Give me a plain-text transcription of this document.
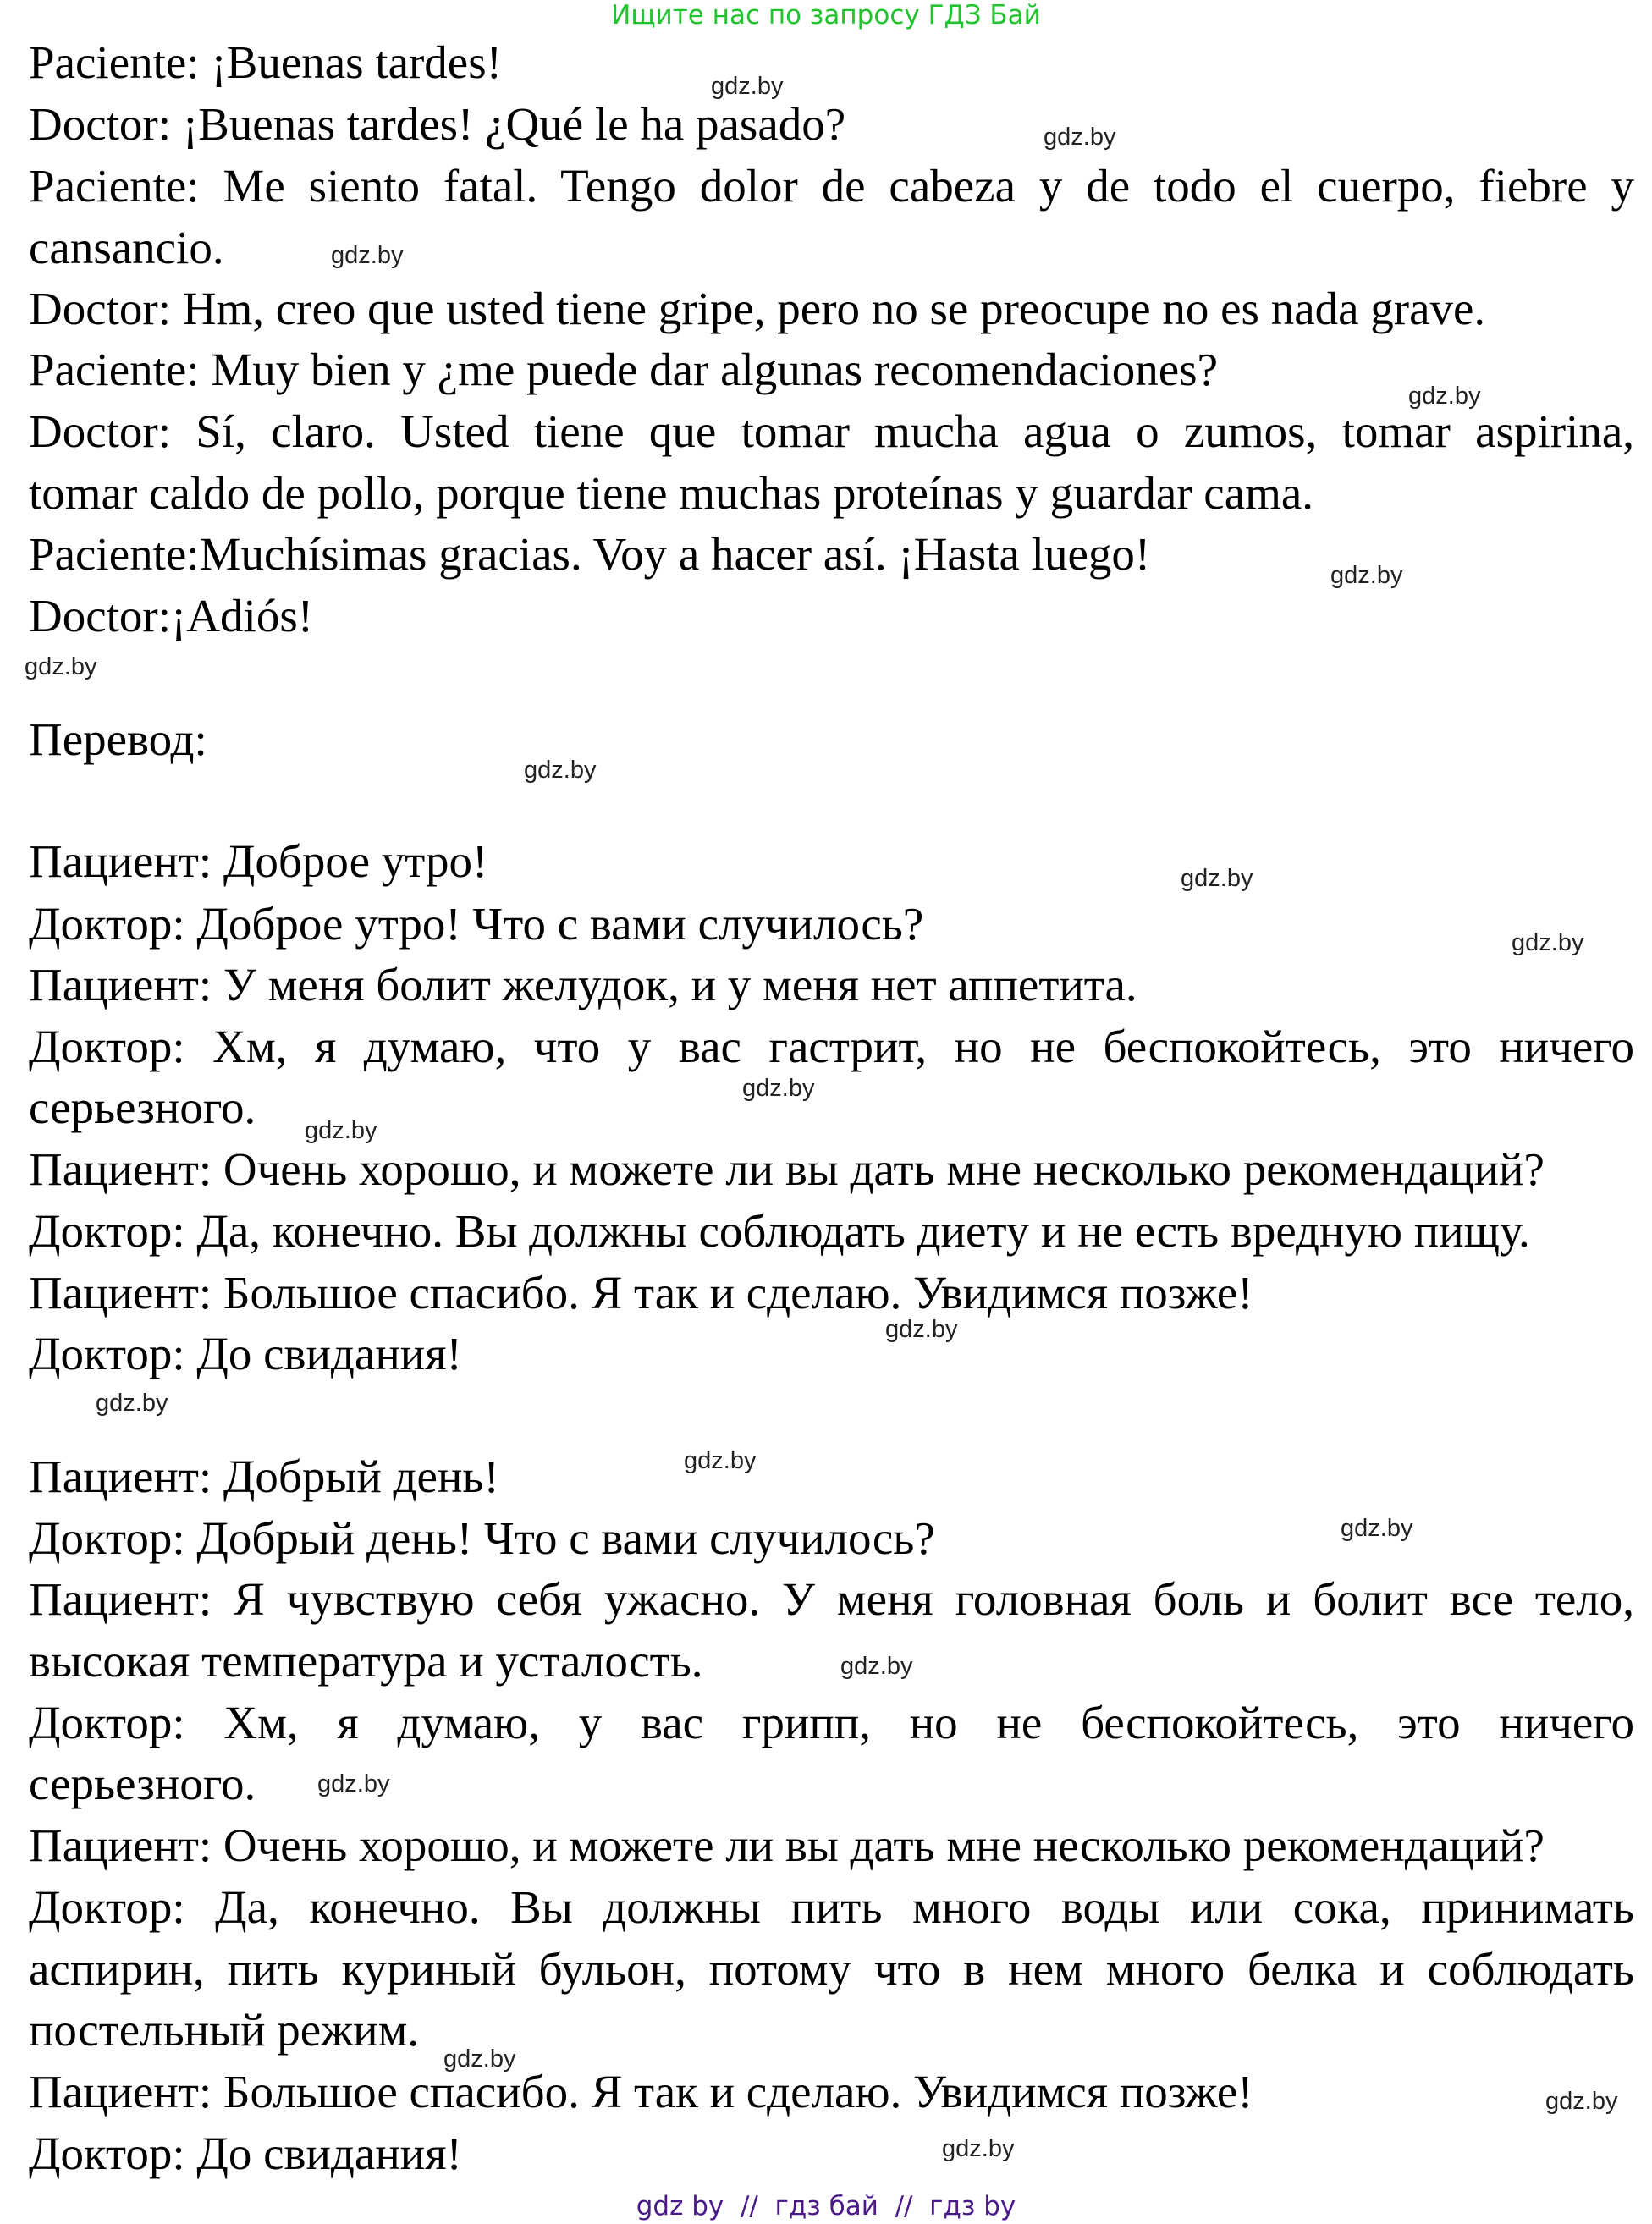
Ищите нас по запросу ГДЗ Бай
Paciente: ¡Buenas tardes!
Doctor: ¡Buenas tardes! ¿Qué le ha pasado?
Paciente: Me siento fatal. Tengo dolor de cabeza y de todo el cuerpo, fiebre y
cansancio.
Doctor: Hm, creo que usted tiene gripe, pero no se preocupe no es nada grave.
Paciente: Muy bien y ¿me puede dar algunas recomendaciones?
Doctor: Sí, claro. Usted tiene que tomar mucha agua o zumos, tomar aspirina,
tomar caldo de pollo, porque tiene muchas proteínas y guardar cama.
Paciente:Muchísimas gracias. Voy a hacer así. ¡Hasta luego!
Doctor:¡Adiós!
Перевод:
Пациент: Доброе утро!
Доктор: Доброе утро! Что с вами случилось?
Пациент: У меня болит желудок, и у меня нет аппетита.
Доктор: Хм, я думаю, что у вас гастрит, но не беспокойтесь, это ничего
серьезного.
Пациент: Очень хорошо, и можете ли вы дать мне несколько рекомендаций?
Доктор: Да, конечно. Вы должны соблюдать диету и не есть вредную пищу.
Пациент: Большое спасибо. Я так и сделаю. Увидимся позже!
Доктор: До свидания!
Пациент: Добрый день!
Доктор: Добрый день! Что с вами случилось?
Пациент: Я чувствую себя ужасно. У меня головная боль и болит все тело,
высокая температура и усталость.
Доктор: Хм, я думаю, у вас грипп, но не беспокойтесь, это ничего
серьезного.
Пациент: Очень хорошо, и можете ли вы дать мне несколько рекомендаций?
Доктор: Да, конечно. Вы должны пить много воды или сока, принимать
аспирин, пить куриный бульон, потому что в нем много белка и соблюдать
постельный режим.
Пациент: Большое спасибо. Я так и сделаю. Увидимся позже!
Доктор: До свидания!
gdz.by
gdz.by
gdz.by
gdz.by
gdz.by
gdz.by
gdz.by
gdz.by
gdz.by
gdz.by
gdz.by
gdz.by
gdz.by
gdz.by
gdz.by
gdz.by
gdz.by
gdz.by
gdz.by
gdz.by
gdz by  //  гдз бай  //  гдз by
